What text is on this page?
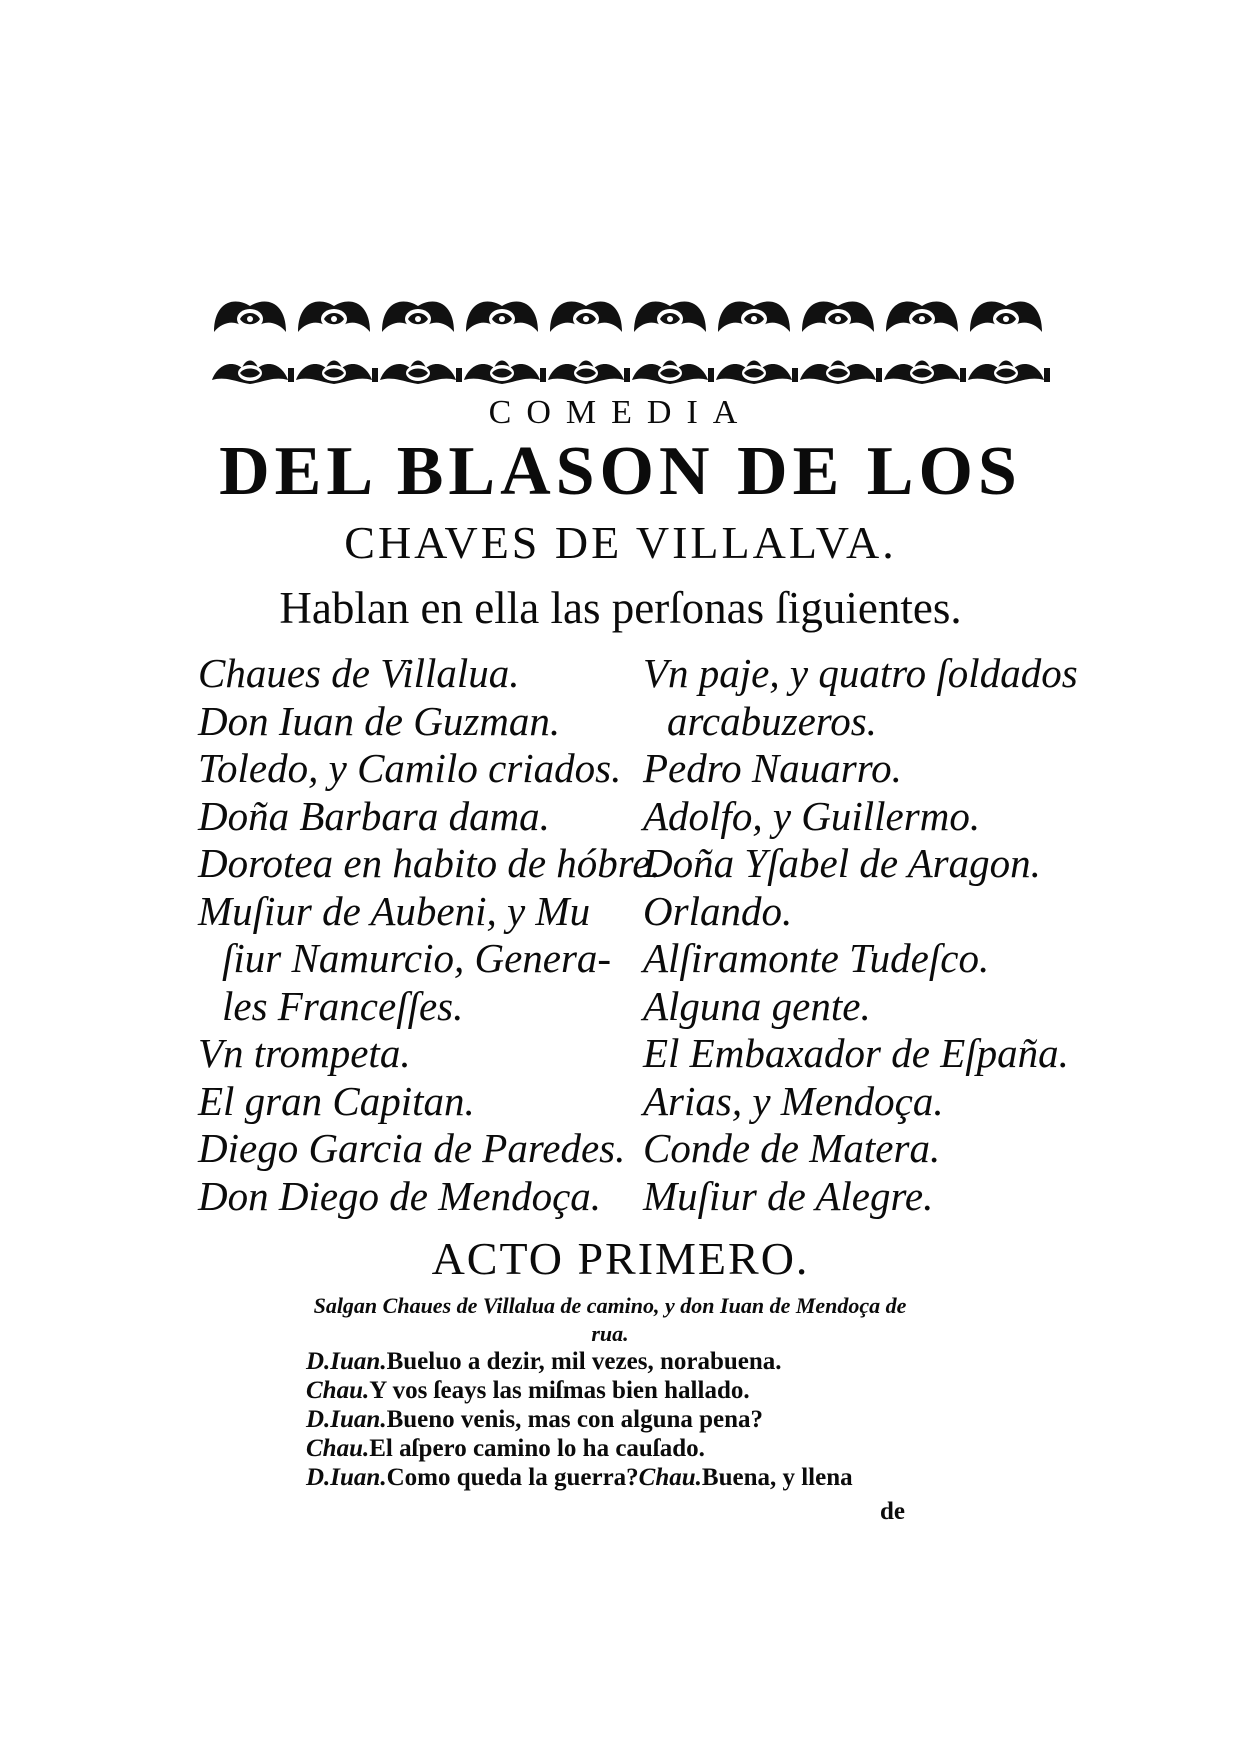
COMEDIA
DEL BLASON DE LOS
CHAVES DE VILLALVA.
Hablan en ella las perſonas ſiguientes.
Chaues de Villalua.
Don Iuan de Guzman.
Toledo, y Camilo criados.
Doña Barbara dama.
Dorotea en habito de hóbre.
Muſiur de Aubeni, y Mu
ſiur Namurcio, Genera-
les Franceſſes.
Vn trompeta.
El gran Capitan.
Diego Garcia de Paredes.
Don Diego de Mendoça.
Vn paje, y quatro ſoldados
arcabuzeros.
Pedro Nauarro.
Adolfo, y Guillermo.
Doña Yſabel de Aragon.
Orlando.
Alſiramonte Tudeſco.
Alguna gente.
El Embaxador de Eſpaña.
Arias, y Mendoça.
Conde de Matera.
Muſiur de Alegre.
ACTO PRIMERO.
Salgan Chaues de Villalua de camino, y don Iuan de Mendoça de rua.
D.Iuan.Bueluo a dezir, mil vezes, norabuena.
Chau.Y vos ſeays las miſmas bien hallado.
D.Iuan.Bueno venis, mas con alguna pena?
Chau.El aſpero camino lo ha cauſado.
D.Iuan.Como queda la guerra?Chau.Buena, y llena
de
